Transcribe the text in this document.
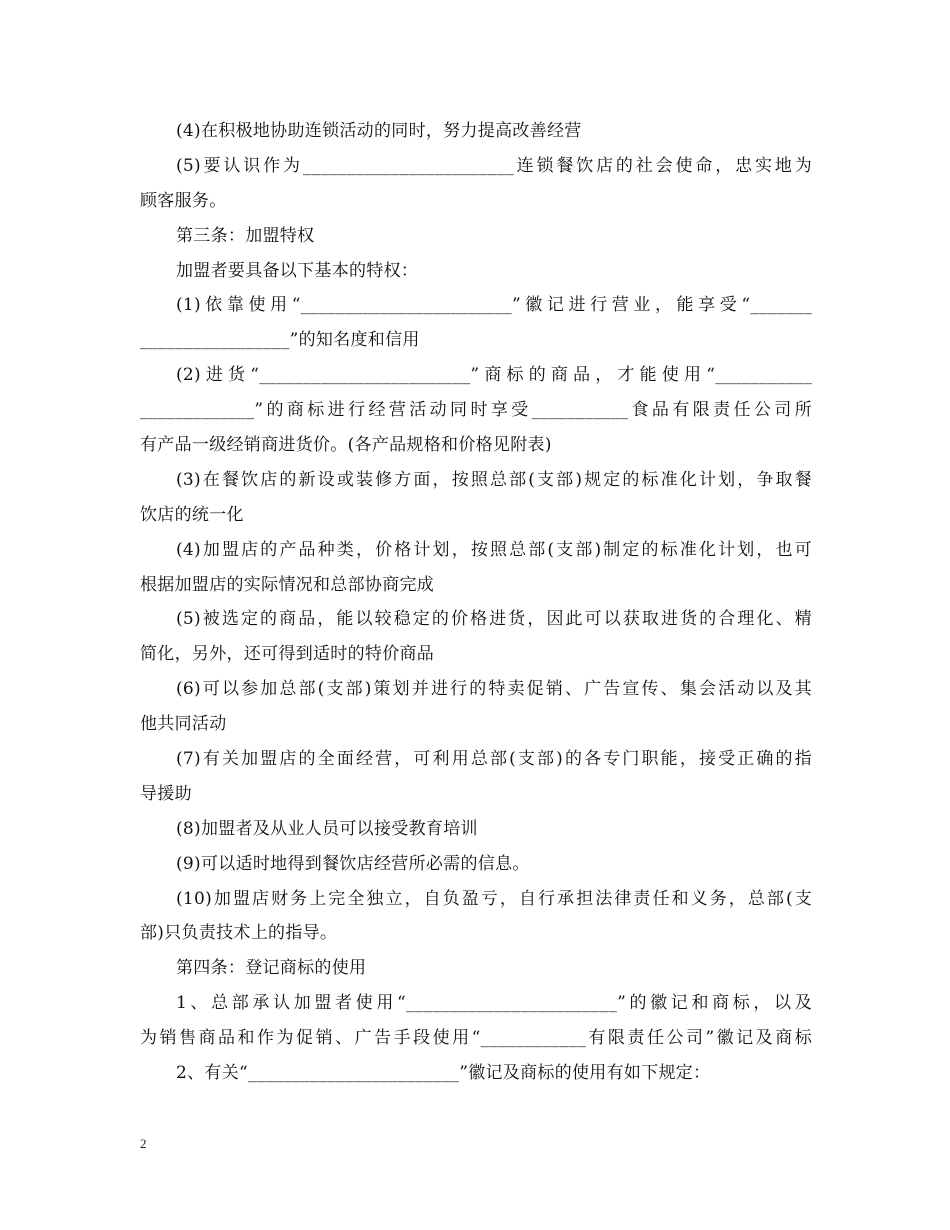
(4)在积极地协助连锁活动的同时，努力提高改善经营
(5)要认识作为________________________连锁餐饮店的社会使命，忠实地为
顾客服务。
第三条：加盟特权
加盟者要具备以下基本的特权：
(1)依靠使用“________________________”徽记进行营业，能享受“_______
_________________”的知名度和信用
(2)进货“________________________”商标的商品，才能使用“___________
_____________”的商标进行经营活动同时享受___________食品有限责任公司所
有产品一级经销商进货价。(各产品规格和价格见附表)
(3)在餐饮店的新设或装修方面，按照总部(支部)规定的标准化计划，争取餐
饮店的统一化
(4)加盟店的产品种类，价格计划，按照总部(支部)制定的标准化计划，也可
根据加盟店的实际情况和总部协商完成
(5)被选定的商品，能以较稳定的价格进货，因此可以获取进货的合理化、精
简化，另外，还可得到适时的特价商品
(6)可以参加总部(支部)策划并进行的特卖促销、广告宣传、集会活动以及其
他共同活动
(7)有关加盟店的全面经营，可利用总部(支部)的各专门职能，接受正确的指
导援助
(8)加盟者及从业人员可以接受教育培训
(9)可以适时地得到餐饮店经营所必需的信息。
(10)加盟店财务上完全独立，自负盈亏，自行承担法律责任和义务，总部(支
部)只负责技术上的指导。
第四条：登记商标的使用
1、总部承认加盟者使用“________________________”的徽记和商标，以及
为销售商品和作为促销、广告手段使用“____________有限责任公司”徽记及商标
2、有关“________________________”徽记及商标的使用有如下规定：
2
